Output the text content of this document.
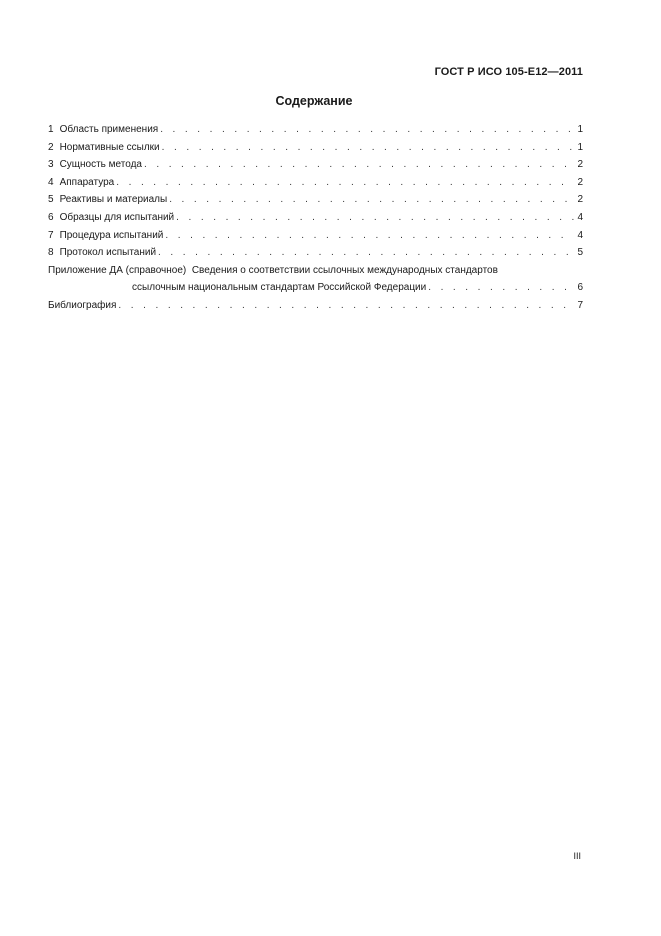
ГОСТ Р ИСО 105-Е12—2011
Содержание
1 Область применения . . .	1
2 Нормативные ссылки . . .	1
3 Сущность метода . . .	2
4 Аппаратура . . .	2
5 Реактивы и материалы . . .	2
6 Образцы для испытаний . . .	4
7 Процедура испытаний . . .	4
8 Протокол испытаний . . .	5
Приложение ДА (справочное) Сведения о соответствии ссылочных международных стандартов
ссылочным национальным стандартам Российской Федерации . . .	6
Библиография . . .	7
III
